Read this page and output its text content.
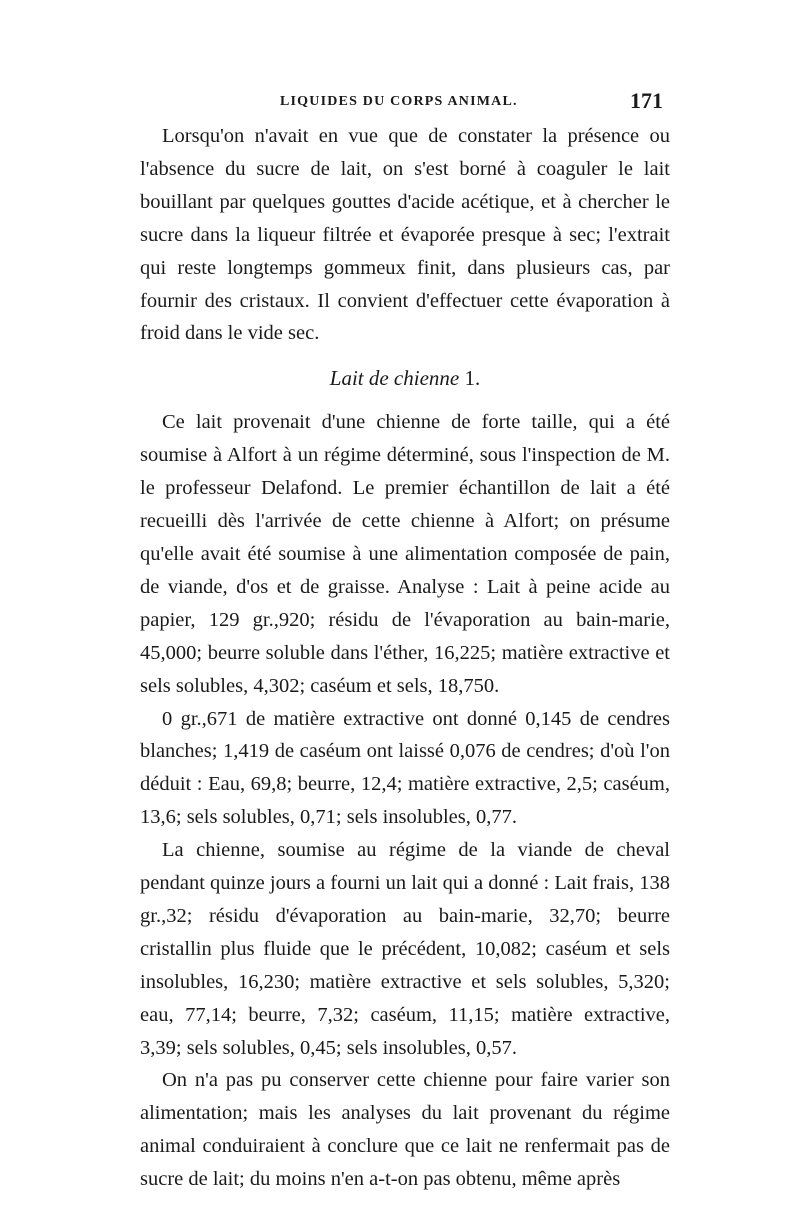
LIQUIDES DU CORPS ANIMAL.	171

Lorsqu'on n'avait en vue que de constater la présence ou l'absence du sucre de lait, on s'est borné à coaguler le lait bouillant par quelques gouttes d'acide acétique, et à chercher le sucre dans la liqueur filtrée et évaporée presque à sec; l'extrait qui reste longtemps gommeux finit, dans plusieurs cas, par fournir des cristaux. Il convient d'effectuer cette évaporation à froid dans le vide sec.

Lait de chienne 1.

Ce lait provenait d'une chienne de forte taille, qui a été soumise à Alfort à un régime déterminé, sous l'inspection de M. le professeur Delafond. Le premier échantillon de lait a été recueilli dès l'arrivée de cette chienne à Alfort; on présume qu'elle avait été soumise à une alimentation composée de pain, de viande, d'os et de graisse. Analyse : Lait à peine acide au papier, 129 gr.,920; résidu de l'évaporation au bain-marie, 45,000; beurre soluble dans l'éther, 16,225; matière extractive et sels solubles, 4,302; caséum et sels, 18,750.

0 gr.,671 de matière extractive ont donné 0,145 de cendres blanches; 1,419 de caséum ont laissé 0,076 de cendres; d'où l'on déduit : Eau, 69,8; beurre, 12,4; matière extractive, 2,5; caséum, 13,6; sels solubles, 0,71; sels insolubles, 0,77.

La chienne, soumise au régime de la viande de cheval pendant quinze jours a fourni un lait qui a donné : Lait frais, 138 gr.,32; résidu d'évaporation au bain-marie, 32,70; beurre cristallin plus fluide que le précédent, 10,082; caséum et sels insolubles, 16,230; matière extractive et sels solubles, 5,320; eau, 77,14; beurre, 7,32; caséum, 11,15; matière extractive, 3,39; sels solubles, 0,45; sels insolubles, 0,57.

On n'a pas pu conserver cette chienne pour faire varier son alimentation; mais les analyses du lait provenant du régime animal conduiraient à conclure que ce lait ne renfermait pas de sucre de lait; du moins n'en a-t-on pas obtenu, même après
